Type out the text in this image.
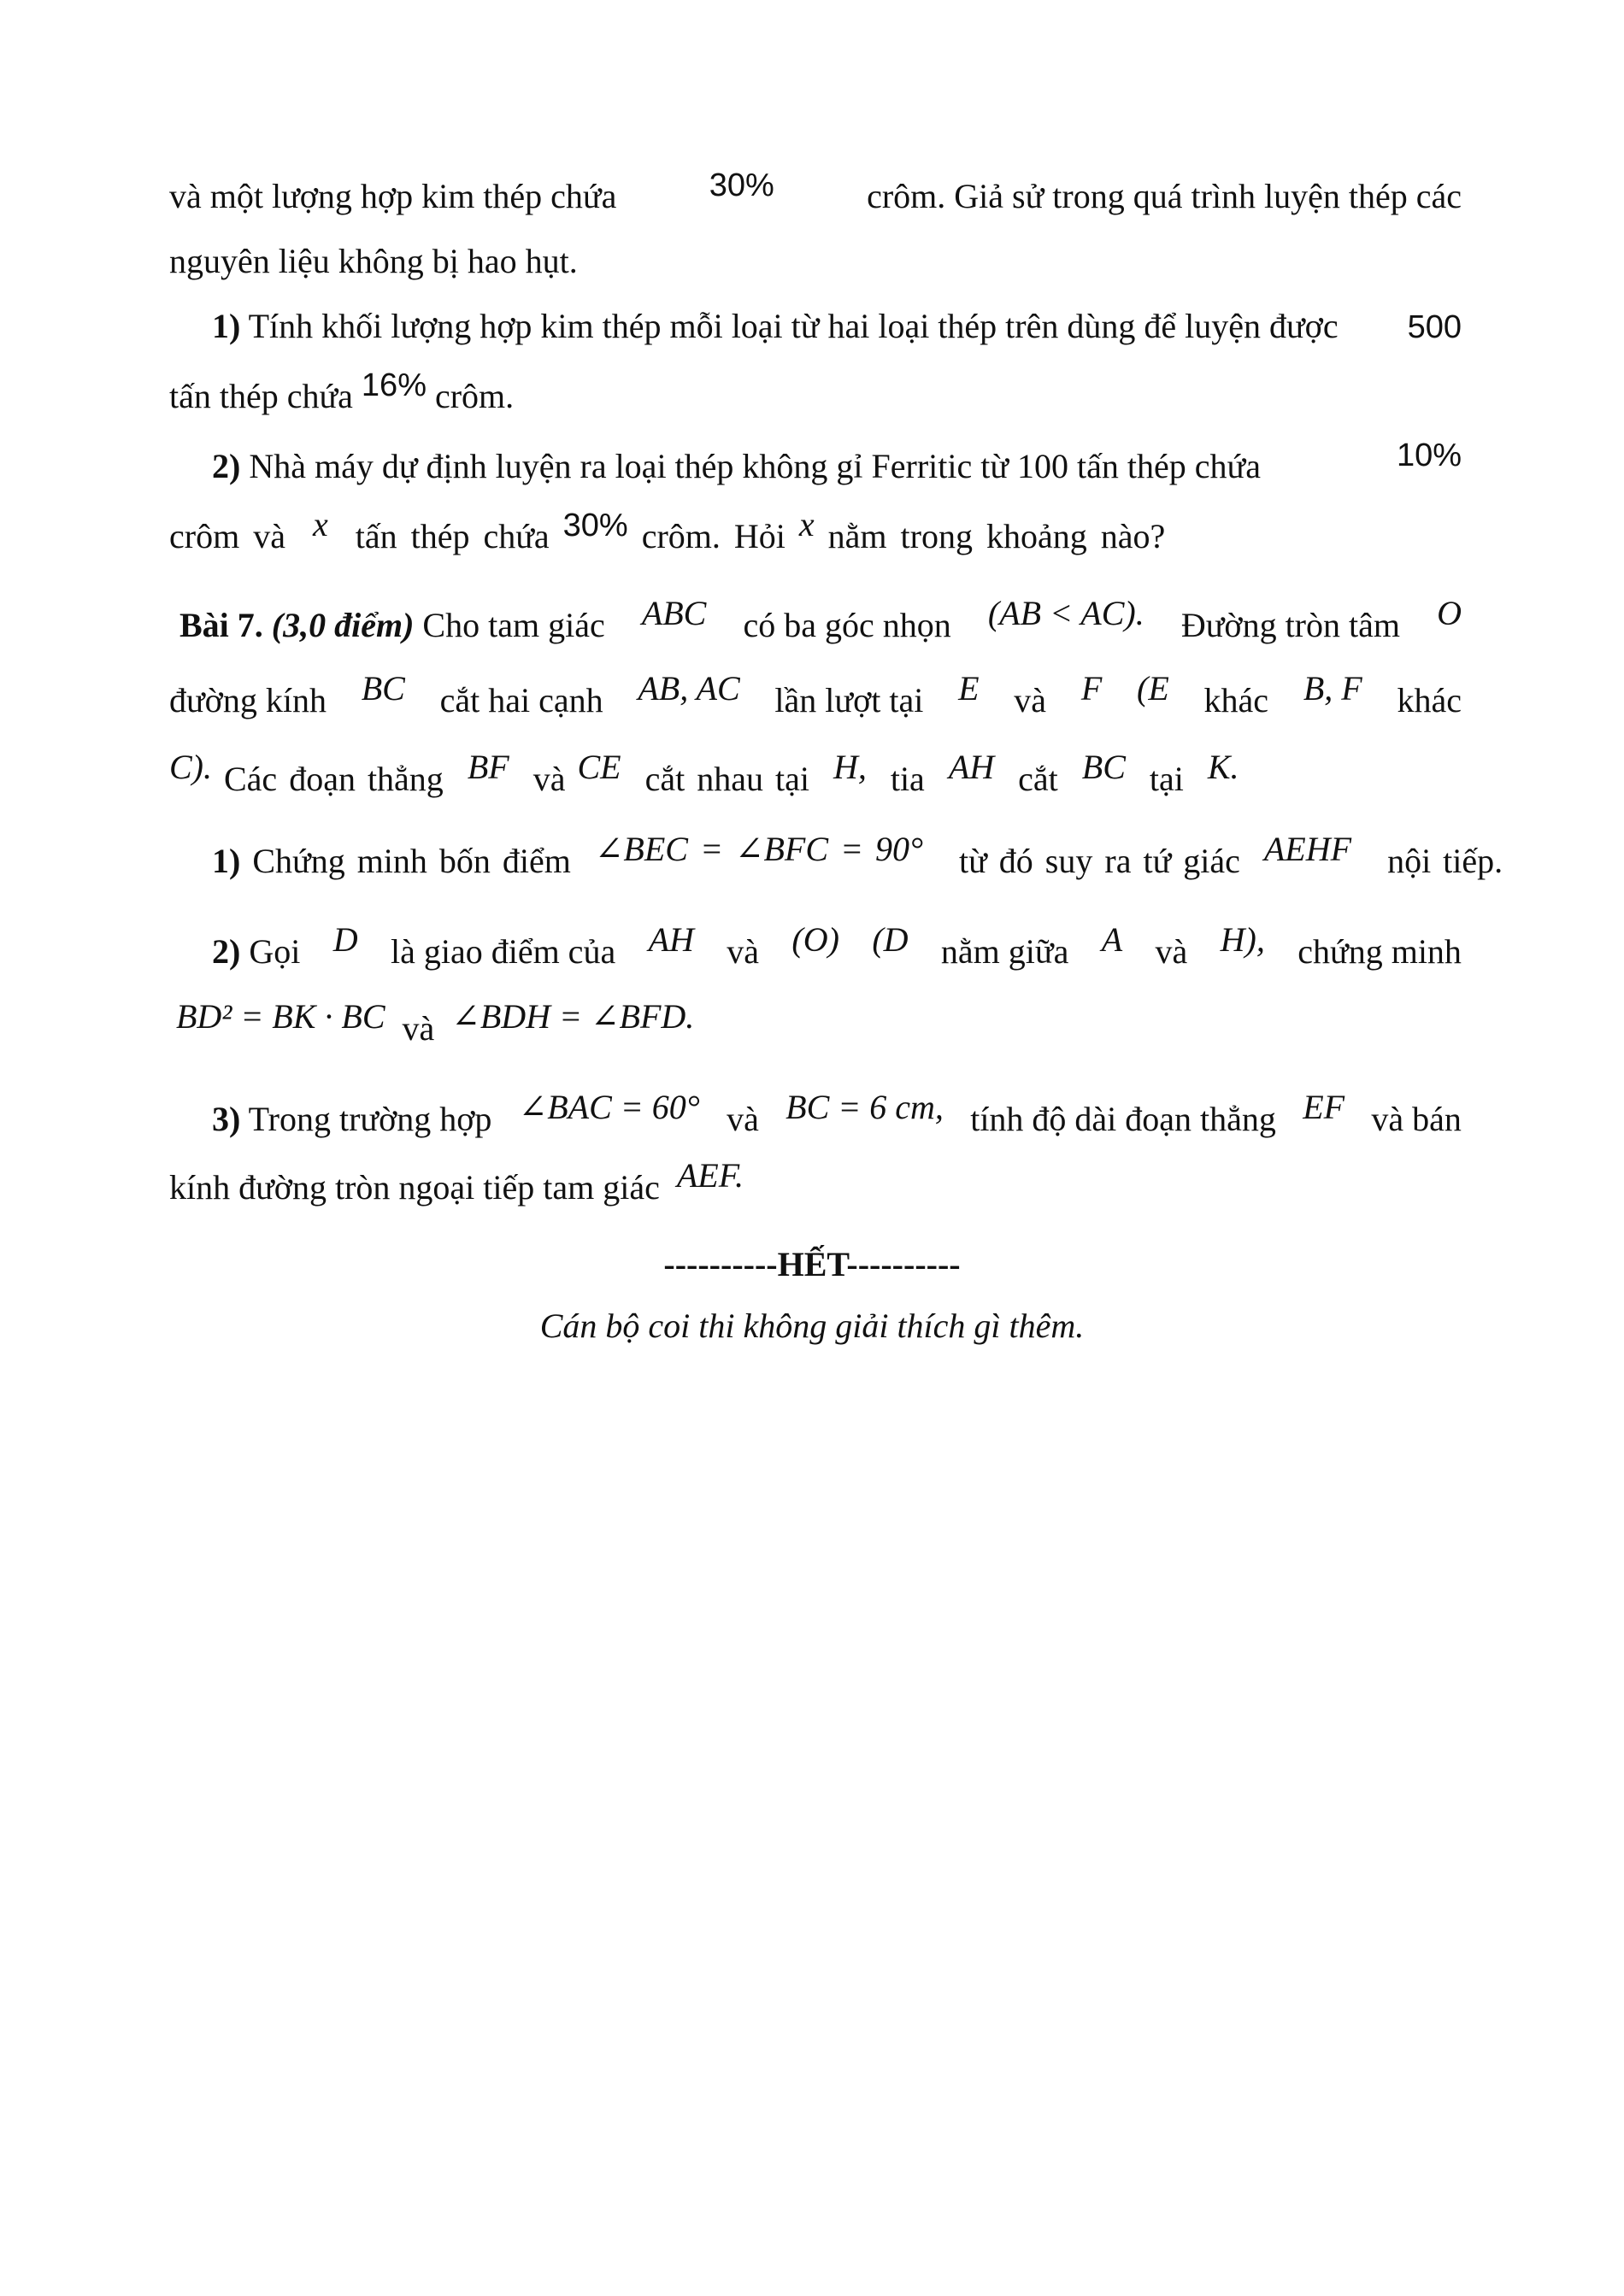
và một lượng hợp kim thép chứa	30%	crôm. Giả sử trong quá trình luyện thép các
nguyên liệu không bị hao hụt.
1) Tính khối lượng hợp kim thép mỗi loại từ hai loại thép trên dùng để luyện được 500
tấn thép chứa 16% crôm.
2) Nhà máy dự định luyện ra loại thép không gỉ Ferritic từ 100 tấn thép chứa	10%
crôm và x tấn thép chứa 30% crôm. Hỏi x nằm trong khoảng nào?
Bài 7. (3,0 điểm) Cho tam giác ABC có ba góc nhọn (AB < AC). Đường tròn tâm O
đường kính BC cắt hai cạnh AB, AC lần lượt tại E và F (E khác B, F khác
C). Các đoạn thẳng BF và CE cắt nhau tại H, tia AH cắt BC tại K.
1) Chứng minh bốn điểm ∠BEC = ∠BFC = 90° từ đó suy ra tứ giác AEHF nội tiếp.
2) Gọi D là giao điểm của AH và (O) (D nằm giữa A và H), chứng minh
BD² = BK · BC và ∠BDH = ∠BFD.
3) Trong trường hợp ∠BAC = 60° và BC = 6 cm, tính độ dài đoạn thẳng EF và bán
kính đường tròn ngoại tiếp tam giác AEF.
----------HẾT----------
Cán bộ coi thi không giải thích gì thêm.
